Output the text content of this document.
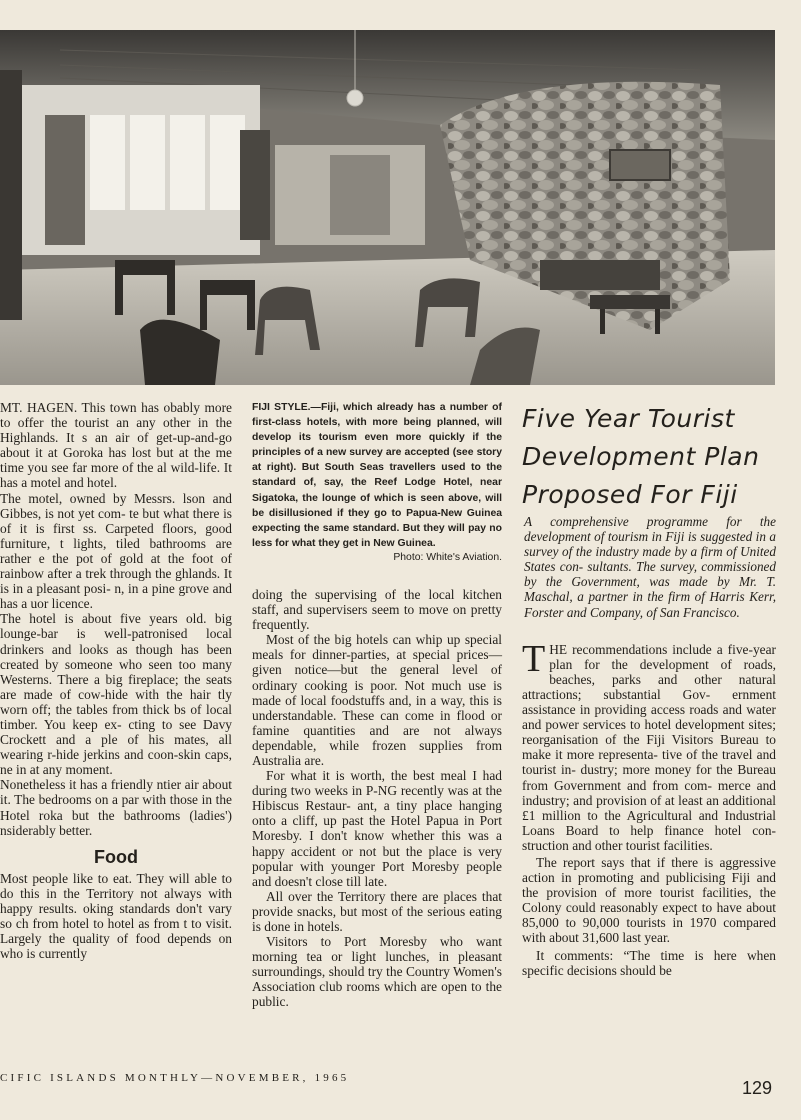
MT. HAGEN. This town has obably more to offer the tourist an any other in the Highlands. It s an air of get-up-and-go about it at Goroka has lost but at the me time you see far more of the al wild-life. It has a motel and hotel.

The motel, owned by Messrs. lson and Gibbes, is not yet com- te but what there is of it is first ss. Carpeted floors, good furniture, t lights, tiled bathrooms are rather e the pot of gold at the foot of rainbow after a trek through the ghlands. It is in a pleasant posi- n, in a pine grove and has a uor licence.

The hotel is about five years old. big lounge-bar is well-patronised local drinkers and looks as though has been created by someone who seen too many Westerns. There a big fireplace; the seats are made of cow-hide with the hair tly worn off; the tables from thick bs of local timber. You keep ex- cting to see Davy Crockett and a ple of his mates, all wearing r-hide jerkins and coon-skin caps, ne in at any moment.

Nonetheless it has a friendly ntier air about it. The bedrooms on a par with those in the Hotel roka but the bathrooms (ladies') nsiderably better.

Food

Most people like to eat. They will able to do this in the Territory not always with happy results. oking standards don't vary so ch from hotel to hotel as from t to visit. Largely the quality of food depends on who is currently

FIJI STYLE.—Fiji, which already has a number of first-class hotels, with more being planned, will develop its tourism even more quickly if the principles of a new survey are accepted (see story at right). But South Seas travellers used to the standard of, say, the Reef Lodge Hotel, near Sigatoka, the lounge of which is seen above, will be disillusioned if they go to Papua-New Guinea expecting the same standard. But they will pay no less for what they get in New Guinea.

Photo: White's Aviation.

doing the supervising of the local kitchen staff, and supervisers seem to move on pretty frequently.

Most of the big hotels can whip up special meals for dinner-parties, at special prices—given notice—but the general level of ordinary cooking is poor. Not much use is made of local foodstuffs and, in a way, this is understandable. These can come in flood or famine quantities and are not always dependable, while frozen supplies from Australia are.

For what it is worth, the best meal I had during two weeks in P-NG recently was at the Hibiscus Restaur- ant, a tiny place hanging onto a cliff, up past the Hotel Papua in Port Moresby. I don't know whether this was a happy accident or not but the place is very popular with younger Port Moresby people and doesn't close till late.

All over the Territory there are places that provide snacks, but most of the serious eating is done in hotels.

Visitors to Port Moresby who want morning tea or light lunches, in pleasant surroundings, should try the Country Women's Association club rooms which are open to the public.

Five Year Tourist Development Plan Proposed For Fiji

A comprehensive programme for the development of tourism in Fiji is suggested in a survey of the industry made by a firm of United States con- sultants. The survey, commissioned by the Government, was made by Mr. T. Maschal, a partner in the firm of Harris Kerr, Forster and Company, of San Francisco.

THE recommendations include a five-year plan for the development of roads, beaches, parks and other natural attractions; substantial Gov- ernment assistance in providing access roads and water and power services to hotel development sites; reorganisation of the Fiji Visitors Bureau to make it more representa- tive of the travel and tourist in- dustry; more money for the Bureau from Government and from com- merce and industry; and provision of at least an additional £1 million to the Agricultural and Industrial Loans Board to help finance hotel con- struction and other tourist facilities.

The report says that if there is aggressive action in promoting and publicising Fiji and the provision of more tourist facilities, the Colony could reasonably expect to have about 85,000 to 90,000 tourists in 1970 compared with about 31,600 last year.

It comments: “The time is here when specific decisions should be

CIFIC ISLANDS MONTHLY—NOVEMBER, 1965	129
